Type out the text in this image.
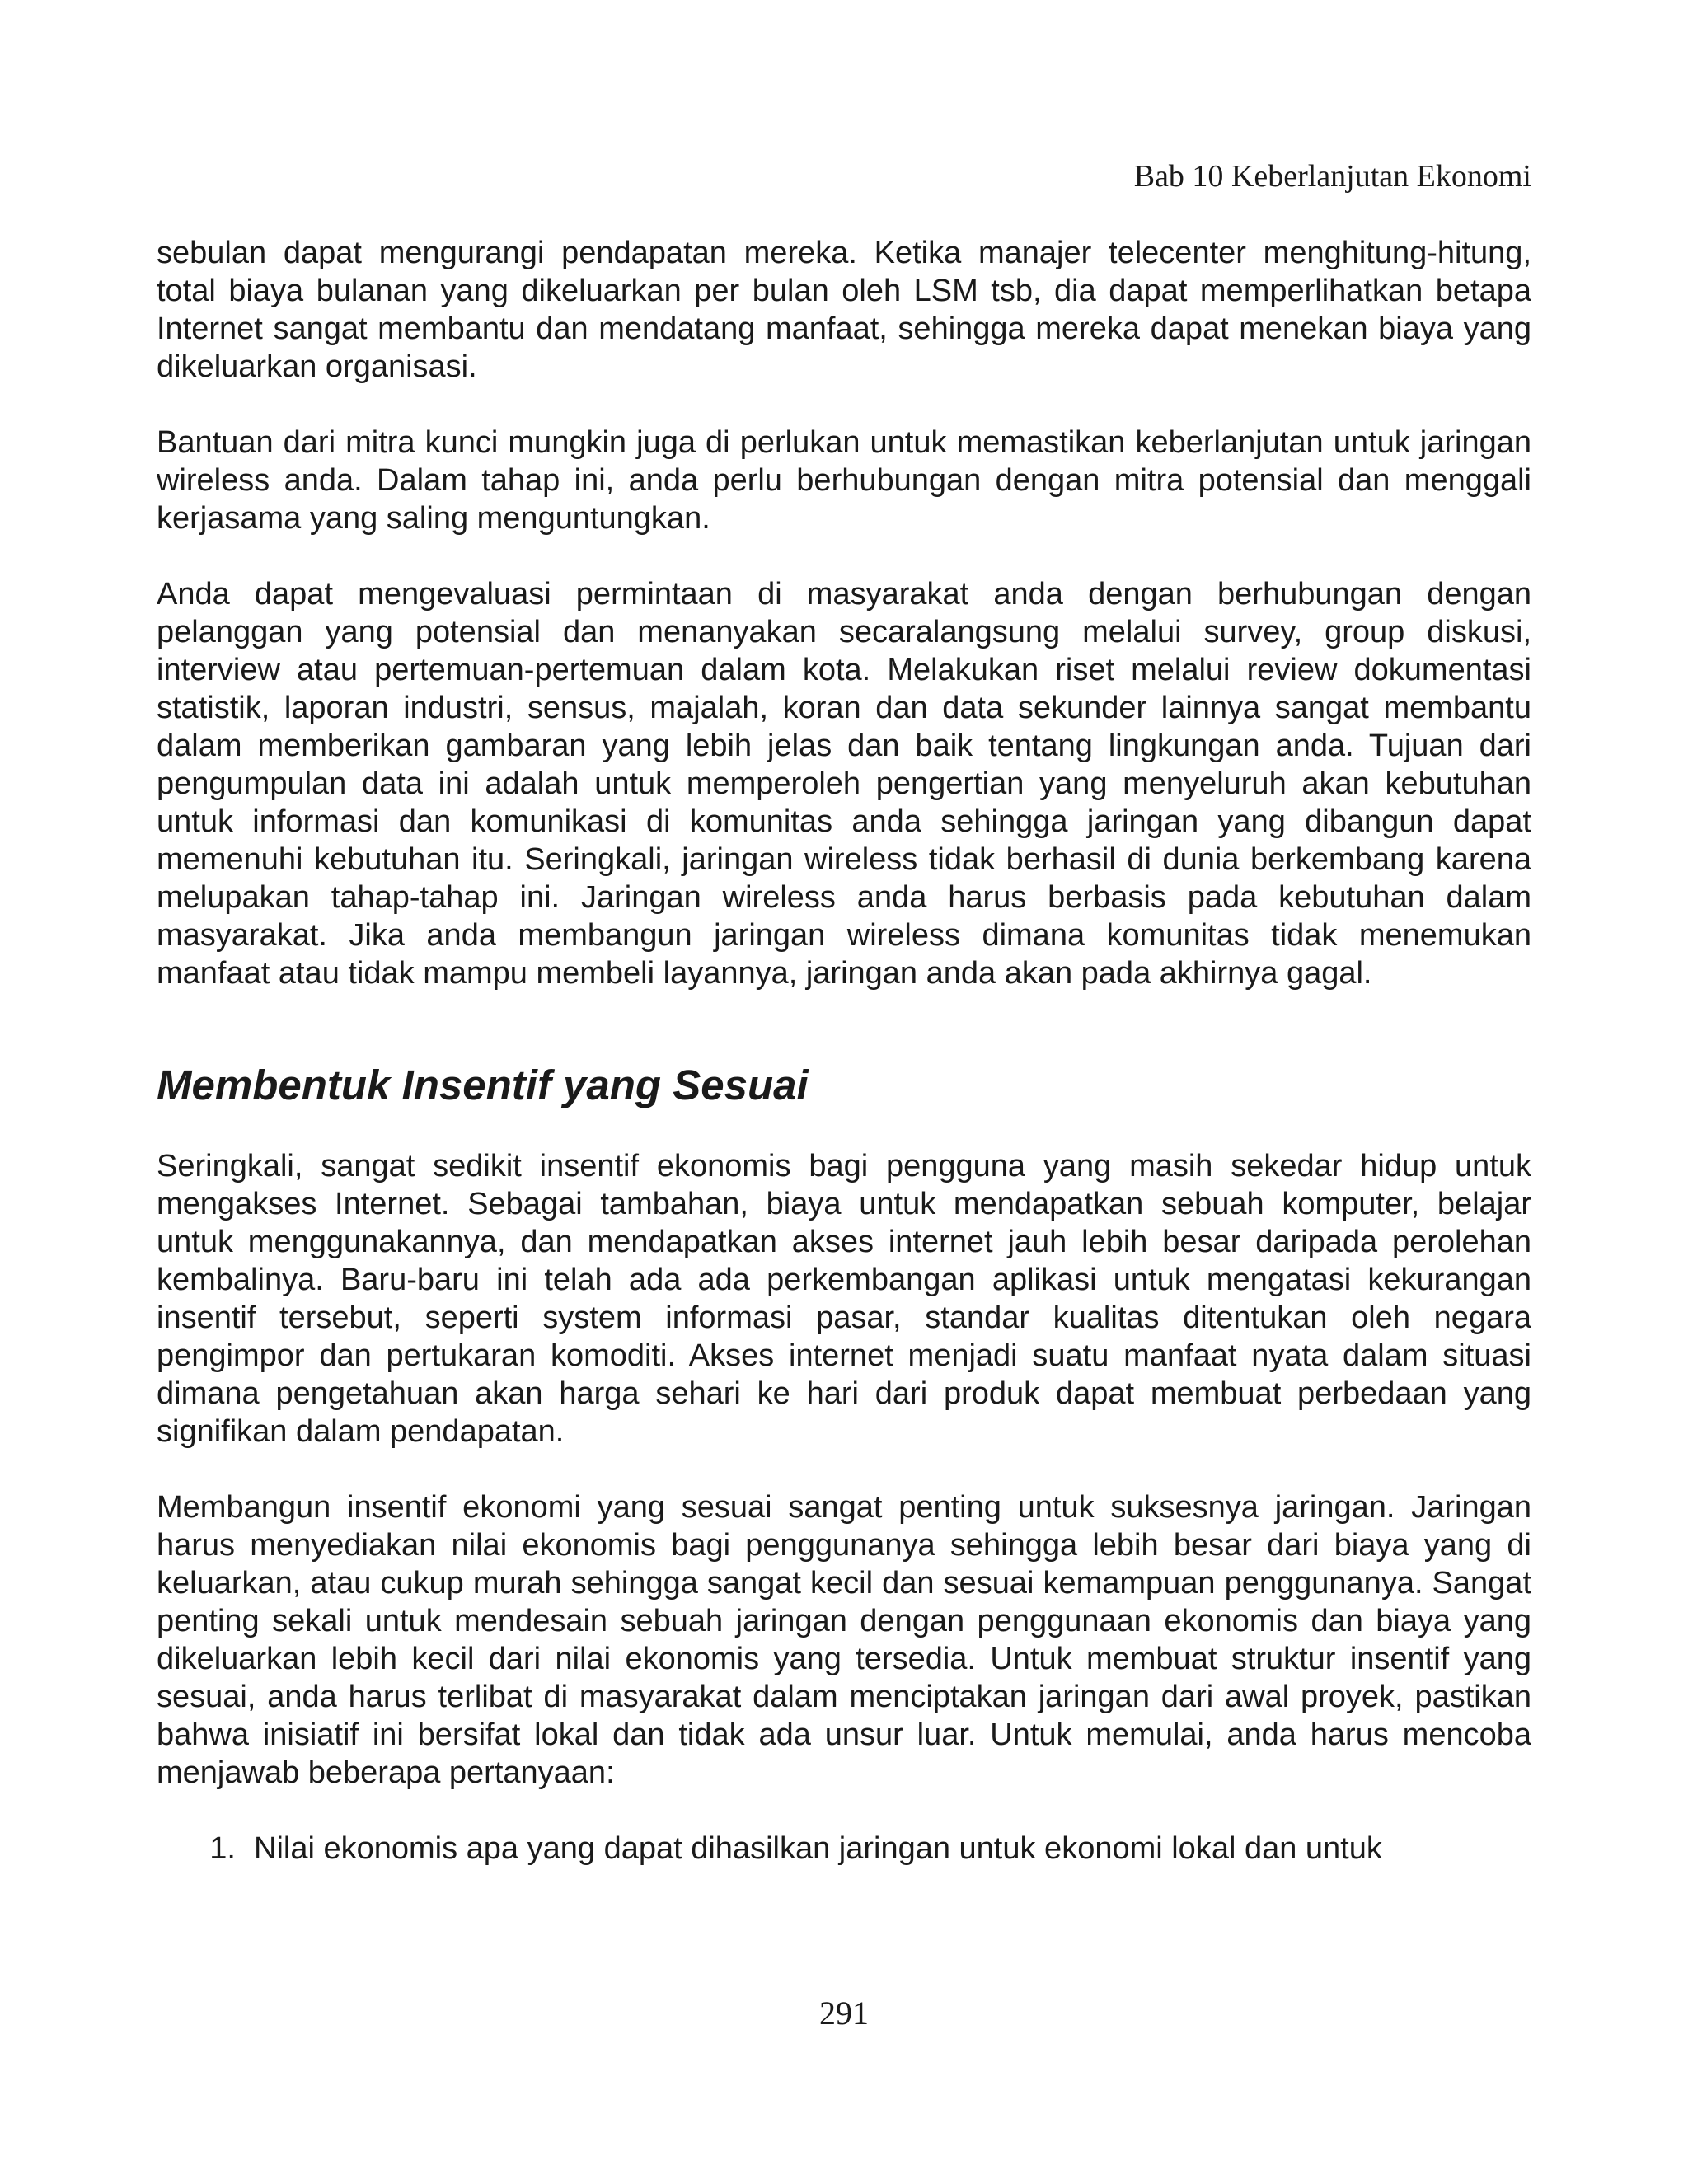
Bab 10 Keberlanjutan Ekonomi

sebulan dapat mengurangi pendapatan mereka. Ketika manajer telecenter menghitung-hitung, total biaya bulanan yang dikeluarkan per bulan oleh LSM tsb, dia dapat memperlihatkan betapa Internet sangat membantu dan mendatang manfaat, sehingga mereka dapat menekan biaya yang dikeluarkan organisasi.

Bantuan dari mitra kunci mungkin juga di perlukan untuk memastikan keberlanjutan untuk jaringan wireless anda. Dalam tahap ini, anda perlu berhubungan dengan mitra potensial dan menggali kerjasama yang saling menguntungkan.

Anda dapat mengevaluasi permintaan di masyarakat anda dengan berhubungan dengan pelanggan yang potensial dan menanyakan secaralangsung melalui survey, group diskusi, interview atau pertemuan-pertemuan dalam kota. Melakukan riset melalui review dokumentasi statistik, laporan industri, sensus, majalah, koran dan data sekunder lainnya sangat membantu dalam memberikan gambaran yang lebih jelas dan baik tentang lingkungan anda. Tujuan dari pengumpulan data ini adalah untuk memperoleh pengertian yang menyeluruh akan kebutuhan untuk informasi dan komunikasi di komunitas anda sehingga jaringan yang dibangun dapat memenuhi kebutuhan itu. Seringkali, jaringan wireless tidak berhasil di dunia berkembang karena melupakan tahap-tahap ini. Jaringan wireless anda harus berbasis pada kebutuhan dalam masyarakat. Jika anda membangun jaringan wireless dimana komunitas tidak menemukan manfaat atau tidak mampu membeli layannya, jaringan anda akan pada akhirnya gagal.

Membentuk Insentif yang Sesuai

Seringkali, sangat sedikit insentif ekonomis bagi pengguna yang masih sekedar hidup untuk mengakses Internet. Sebagai tambahan, biaya untuk mendapatkan sebuah komputer, belajar untuk menggunakannya, dan mendapatkan akses internet jauh lebih besar daripada perolehan kembalinya. Baru-baru ini telah ada ada perkembangan aplikasi untuk mengatasi kekurangan insentif tersebut, seperti system informasi pasar, standar kualitas ditentukan oleh negara pengimpor dan pertukaran komoditi. Akses internet menjadi suatu manfaat nyata dalam situasi dimana pengetahuan akan harga sehari ke hari dari produk dapat membuat perbedaan yang signifikan dalam pendapatan.

Membangun insentif ekonomi yang sesuai sangat penting untuk suksesnya jaringan. Jaringan harus menyediakan nilai ekonomis bagi penggunanya sehingga lebih besar dari biaya yang di keluarkan, atau cukup murah sehingga sangat kecil dan sesuai kemampuan penggunanya. Sangat penting sekali untuk mendesain sebuah jaringan dengan penggunaan ekonomis dan biaya yang dikeluarkan lebih kecil dari nilai ekonomis yang tersedia. Untuk membuat struktur insentif yang sesuai, anda harus terlibat di masyarakat dalam menciptakan jaringan dari awal proyek, pastikan bahwa inisiatif ini bersifat lokal dan tidak ada unsur luar. Untuk memulai, anda harus mencoba menjawab beberapa pertanyaan:

1. Nilai ekonomis apa yang dapat dihasilkan jaringan untuk ekonomi lokal dan untuk
291
